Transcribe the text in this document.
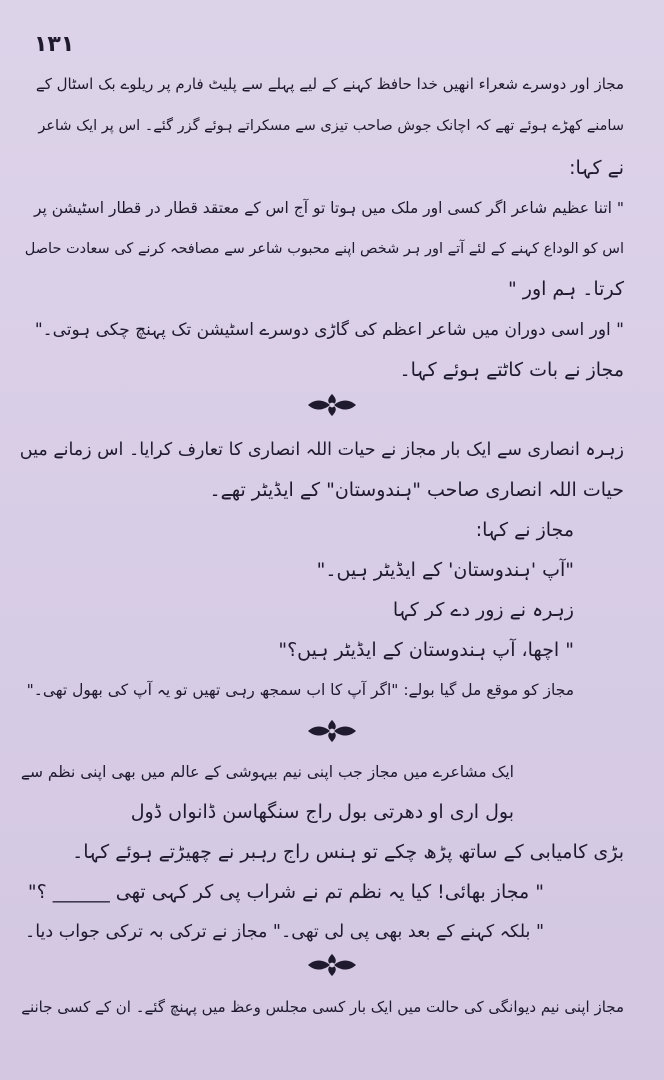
۱۳۱
مجاز اور دوسرے شعراء انھیں خدا حافظ کہنے کے لیے پہلے سے پلیٹ فارم پر ریلوے بک اسٹال کے
سامنے کھڑے ہوئے تھے کہ اچانک جوش صاحب تیزی سے مسکراتے ہوئے گزر گئے۔ اس پر ایک شاعر
نے کہا:
" اتنا عظیم شاعر اگر کسی اور ملک میں ہوتا تو آج اس کے معتقد قطار در قطار اسٹیشن پر
اس کو الوداع کہنے کے لئے آتے اور ہر شخص اپنے محبوب شاعر سے مصافحہ کرنے کی سعادت حاصل
کرتا۔ ہم اور "
" اور اسی دوران میں شاعر اعظم کی گاڑی دوسرے اسٹیشن تک پہنچ چکی ہوتی۔"
مجاز نے بات کاٹتے ہوئے کہا۔
زہرہ انصاری سے ایک بار مجاز نے حیات اللہ انصاری کا تعارف کرایا۔ اس زمانے میں
حیات اللہ انصاری صاحب "ہندوستان" کے ایڈیٹر تھے۔
مجاز نے کہا:
"آپ 'ہندوستان' کے ایڈیٹر ہیں۔"
زہرہ نے زور دے کر کہا
" اچھا، آپ ہندوستان کے ایڈیٹر ہیں؟"
مجاز کو موقع مل گیا بولے: "اگر آپ کا اب سمجھ رہی تھیں تو یہ آپ کی بھول تھی۔"
ایک مشاعرے میں مجاز جب اپنی نیم بیہوشی کے عالم میں بھی اپنی نظم سے
بول اری او دھرتی بول راج سنگھاسن ڈانواں ڈول
بڑی کامیابی کے ساتھ پڑھ چکے تو ہنس راج رہبر نے چھیڑتے ہوئے کہا۔
" مجاز بھائی! کیا یہ نظم تم نے شراب پی کر کہی تھی ______ ؟"
" بلکہ کہنے کے بعد بھی پی لی تھی۔" مجاز نے ترکی بہ ترکی جواب دیا۔
مجاز اپنی نیم دیوانگی کی حالت میں ایک بار کسی مجلس وعظ میں پہنچ گئے۔ ان کے کسی جاننے
